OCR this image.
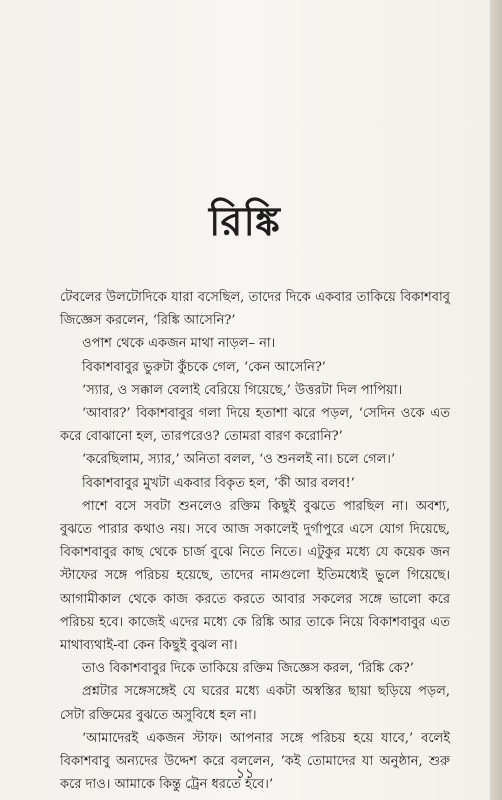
রিঙ্কি

টেবলের উলটোদিকে যারা বসেছিল, তাদের দিকে একবার তাকিয়ে বিকাশবাবু জিজ্ঞেস করলেন, ‘রিঙ্কি আসেনি?’

ওপাশ থেকে একজন মাথা নাড়ল– না।

বিকাশবাবুর ভুরুটা কুঁচকে গেল, ‘কেন আসেনি?’

‘স্যার, ও সক্কাল বেলাই বেরিয়ে গিয়েছে,’ উত্তরটা দিল পাপিয়া।

‘আবার?’ বিকাশবাবুর গলা দিয়ে হতাশা ঝরে পড়ল, ‘সেদিন ওকে এত করে বোঝানো হল, তারপরেও? তোমরা বারণ করোনি?’

‘করেছিলাম, স্যার,’ অনিতা বলল, ‘ও শুনলই না। চলে গেল।’

বিকাশবাবুর মুখটা একবার বিকৃত হল, ‘কী আর বলব!’

পাশে বসে সবটা শুনলেও রক্তিম কিছুই বুঝতে পারছিল না। অবশ্য, বুঝতে পারার কথাও নয়। সবে আজ সকালেই দুর্গাপুরে এসে যোগ দিয়েছে, বিকাশবাবুর কাছ থেকে চার্জ বুঝে নিতে নিতে। এটুকুর মধ্যে যে কয়েক জন স্টাফের সঙ্গে পরিচয় হয়েছে, তাদের নামগুলো ইতিমধ্যেই ভুলে গিয়েছে। আগামীকাল থেকে কাজ করতে করতে আবার সকলের সঙ্গে ভালো করে পরিচয় হবে। কাজেই এদের মধ্যে কে রিঙ্কি আর তাকে নিয়ে বিকাশবাবুর এত মাথাব্যথাই-বা কেন কিছুই বুঝল না।

তাও বিকাশবাবুর দিকে তাকিয়ে রক্তিম জিজ্ঞেস করল, ‘রিঙ্কি কে?’

প্রশ্নটার সঙ্গেসঙ্গেই যে ঘরের মধ্যে একটা অস্বস্তির ছায়া ছড়িয়ে পড়ল, সেটা রক্তিমের বুঝতে অসুবিধে হল না।

‘আমাদেরই একজন স্টাফ। আপনার সঙ্গে পরিচয় হয়ে যাবে,’ বলেই বিকাশবাবু অন্যদের উদ্দেশ করে বললেন, ‘কই তোমাদের যা অনুষ্ঠান, শুরু করে দাও। আমাকে কিন্তু ট্রেন ধরতে হবে।’

১১
